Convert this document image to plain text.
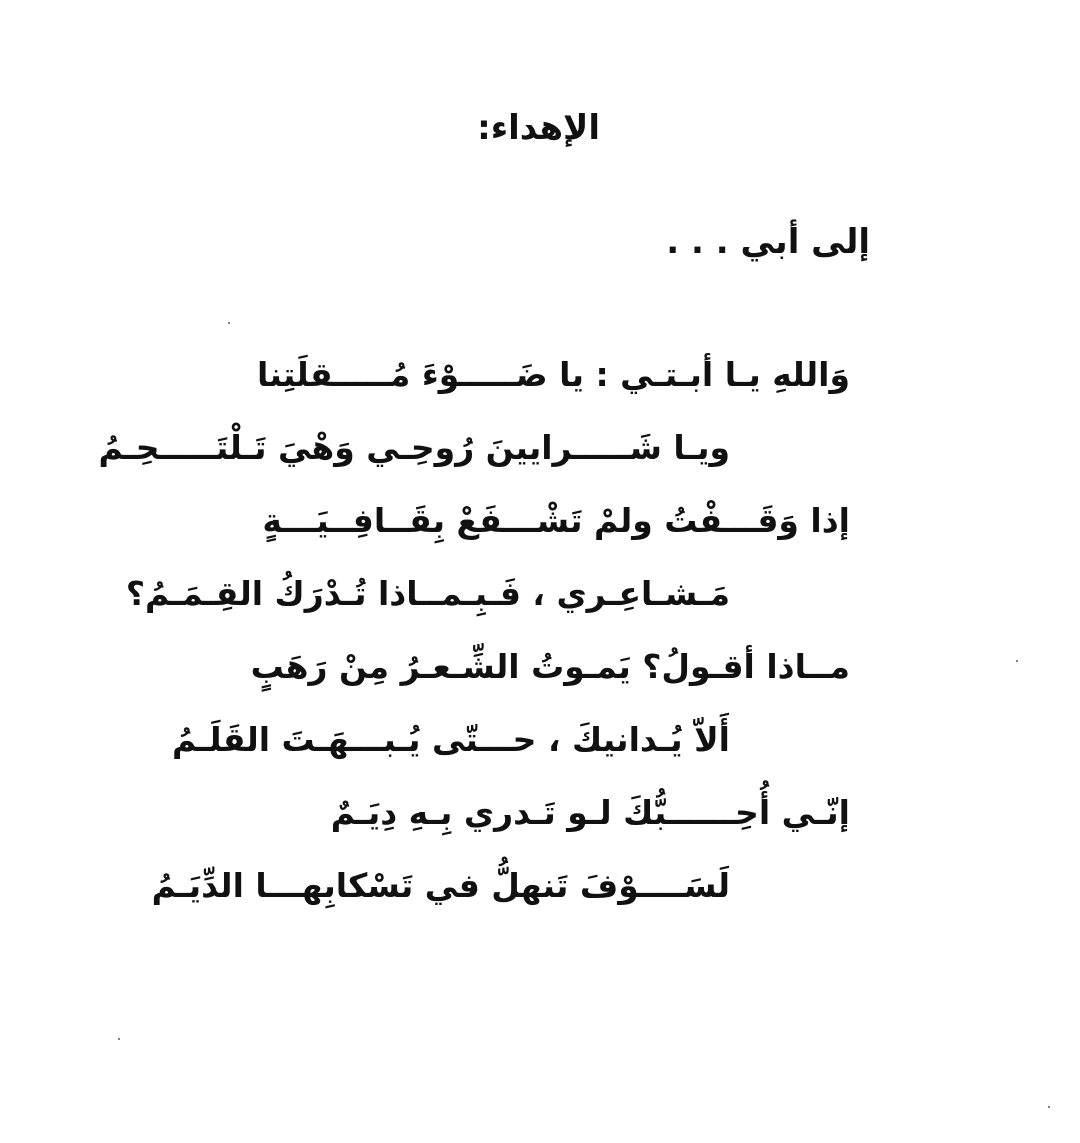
الإهداء:
إلى أبي . . .
وَاللهِ يـا أبـتـي : يا ضَـــــوْءَ مُـــــقلَتِنا
ويـا شَـــــرايينَ رُوحِـي وَهْيَ تَـلْتَـــــحِـمُ
إذا وَقَـــفْتُ ولمْ تَشْـــفَعْ بِقَــافِــيَـــةٍ
مَـشـاعِـري ، فَـبِـمــاذا تُـدْرَكُ القِـمَـمُ؟
مــاذا أقـولُ؟ يَمـوتُ الشِّـعـرُ مِنْ رَهَبٍ
أَلاّ يُـدانيكَ ، حـــتّى يُـبـــهَـتَ القَلَـمُ
إنّـي أُحِــــــبُّكَ لـو تَـدري بِـهِ دِيَـمٌ
لَسَــــوْفَ تَنهلُّ في تَسْكابِهـــا الدِّيَـمُ
